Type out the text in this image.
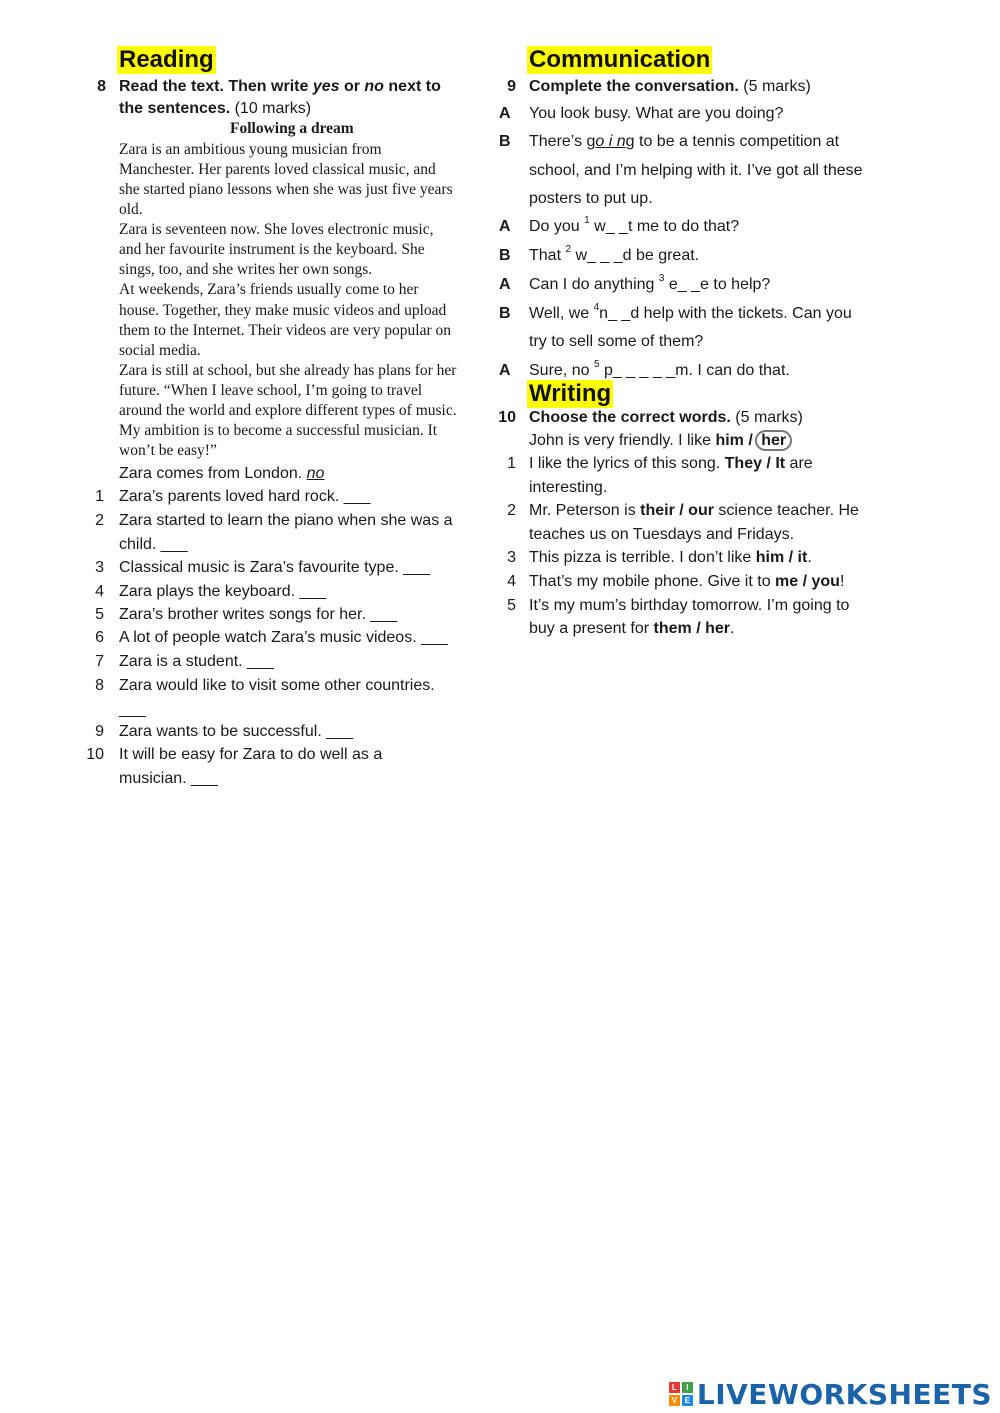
Reading
8 Read the text. Then write yes or no next to
the sentences. (10 marks)
Following a dream
Zara is an ambitious young musician from
Manchester. Her parents loved classical music, and
she started piano lessons when she was just five years
old.
Zara is seventeen now. She loves electronic music,
and her favourite instrument is the keyboard. She
sings, too, and she writes her own songs.
At weekends, Zara’s friends usually come to her
house. Together, they make music videos and upload
them to the Internet. Their videos are very popular on
social media.
Zara is still at school, but she already has plans for her
future. “When I leave school, I’m going to travel
around the world and explore different types of music.
My ambition is to become a successful musician. It
won’t be easy!”
Zara comes from London. no
1 Zara’s parents loved hard rock. ___
2 Zara started to learn the piano when she was a
child. ___
3 Classical music is Zara’s favourite type. ___
4 Zara plays the keyboard. ___
5 Zara’s brother writes songs for her. ___
6 A lot of people watch Zara’s music videos. ___
7 Zara is a student. ___
8 Zara would like to visit some other countries.
___
9 Zara wants to be successful. ___
10 It will be easy for Zara to do well as a
musician. ___
Communication
9 Complete the conversation. (5 marks)
A You look busy. What are you doing?
B There’s go i ng to be a tennis competition at
school, and I’m helping with it. I’ve got all these
posters to put up.
A Do you $^1$ w_ _t me to do that?
B That $^2$ w_ _ _d be great.
A Can I do anything $^3$ e_ _e to help?
B Well, we $^4$n_ _d help with the tickets. Can you
try to sell some of them?
A Sure, no $^5$ p_ _ _ _ _m. I can do that.
Writing
10 Choose the correct words. (5 marks)
John is very friendly. I like him / her
1 I like the lyrics of this song. They / It are
interesting.
2 Mr. Peterson is their / our science teacher. He
teaches us on Tuesdays and Fridays.
3 This pizza is terrible. I don’t like him / it.
4 That’s my mobile phone. Give it to me / you!
5 It’s my mum’s birthday tomorrow. I’m going to
buy a present for them / her.
L	I
V E LIVEWORKSHEETS
